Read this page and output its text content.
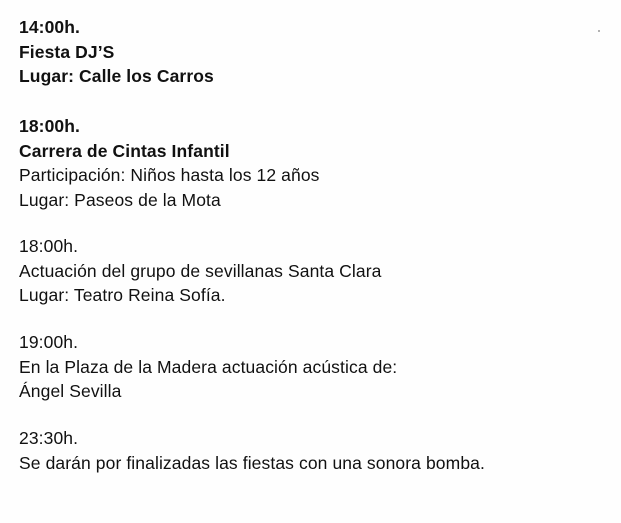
14:00h.
Fiesta DJ’S
Lugar: Calle los Carros
18:00h.
Carrera de Cintas Infantil
Participación: Niños hasta los 12 años
Lugar: Paseos de la Mota
18:00h.
Actuación del grupo de sevillanas Santa Clara
Lugar: Teatro Reina Sofía.
19:00h.
En la Plaza de la Madera actuación acústica de:
Ángel Sevilla
23:30h.
Se darán por finalizadas las fiestas con una sonora bomba.
